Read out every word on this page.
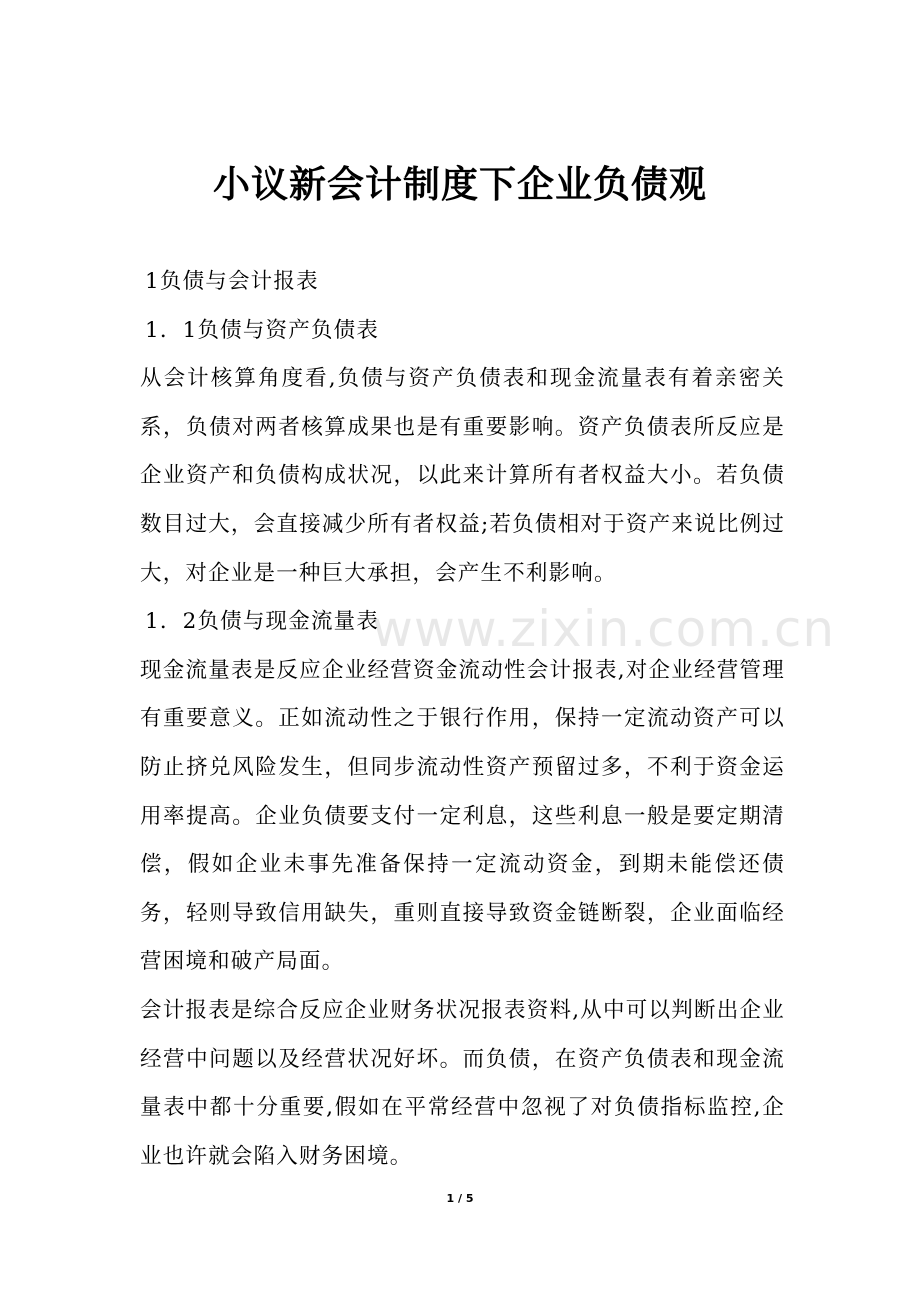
小议新会计制度下企业负债观

1负债与会计报表

1．1负债与资产负债表

从会计核算角度看,负债与资产负债表和现金流量表有着亲密关系，负债对两者核算成果也是有重要影响。资产负债表所反应是企业资产和负债构成状况，以此来计算所有者权益大小。若负债数目过大，会直接减少所有者权益;若负债相对于资产来说比例过大，对企业是一种巨大承担，会产生不利影响。

1．2负债与现金流量表

现金流量表是反应企业经营资金流动性会计报表,对企业经营管理有重要意义。正如流动性之于银行作用，保持一定流动资产可以防止挤兑风险发生，但同步流动性资产预留过多，不利于资金运用率提高。企业负债要支付一定利息，这些利息一般是要定期清偿，假如企业未事先准备保持一定流动资金，到期未能偿还债务，轻则导致信用缺失，重则直接导致资金链断裂，企业面临经营困境和破产局面。

会计报表是综合反应企业财务状况报表资料,从中可以判断出企业经营中问题以及经营状况好坏。而负债，在资产负债表和现金流量表中都十分重要,假如在平常经营中忽视了对负债指标监控,企业也许就会陷入财务困境。

www.zixin.com.cn
1 / 5
